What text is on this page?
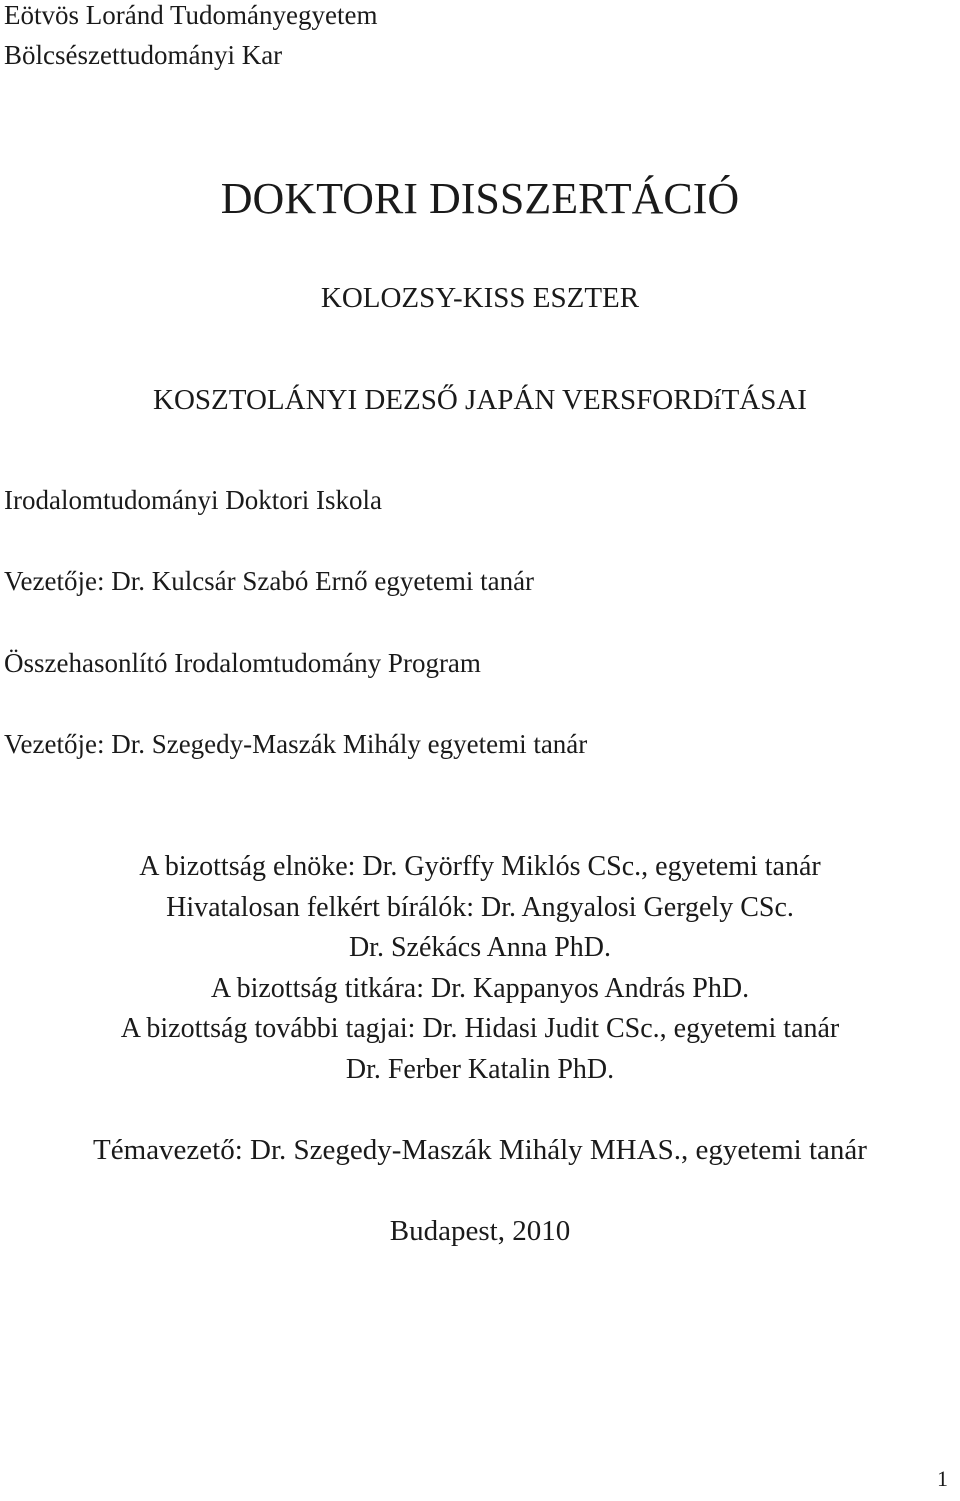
Eötvös Loránd Tudományegyetem
Bölcsészettudományi Kar
DOKTORI DISSZERTÁCIÓ
KOLOZSY-KISS ESZTER
KOSZTOLÁNYI DEZSŐ JAPÁN VERSFORDíTÁSAI
Irodalomtudományi Doktori Iskola
Vezetője: Dr. Kulcsár Szabó Ernő egyetemi tanár
Összehasonlító Irodalomtudomány Program
Vezetője: Dr. Szegedy-Maszák Mihály egyetemi tanár
A bizottság elnöke: Dr. Györffy Miklós CSc., egyetemi tanár
Hivatalosan felkért bírálók: Dr. Angyalosi Gergely CSc.
Dr. Székács Anna PhD.
A bizottság titkára: Dr. Kappanyos András PhD.
A bizottság további tagjai: Dr. Hidasi Judit CSc., egyetemi tanár
Dr. Ferber Katalin PhD.
Témavezető: Dr. Szegedy-Maszák Mihály MHAS., egyetemi tanár
Budapest, 2010
1
